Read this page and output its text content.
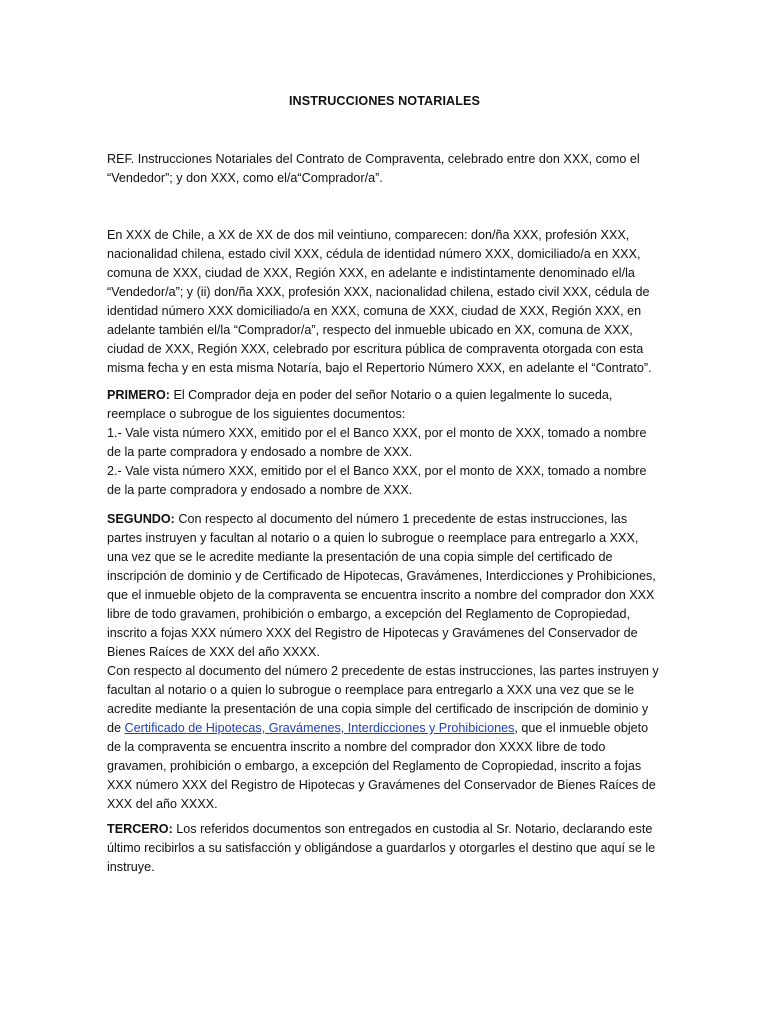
INSTRUCCIONES NOTARIALES

REF. Instrucciones Notariales del Contrato de Compraventa, celebrado entre don XXX, como el “Vendedor”; y don XXX, como el/a“Comprador/a”.

En XXX de Chile, a XX de XX de dos mil veintiuno, comparecen: don/ña XXX, profesión XXX, nacionalidad chilena, estado civil XXX, cédula de identidad número XXX, domiciliado/a en XXX, comuna de XXX, ciudad de XXX, Región XXX, en adelante e indistintamente denominado el/la “Vendedor/a”; y (ii) don/ña XXX, profesión XXX, nacionalidad chilena, estado civil XXX, cédula de identidad número XXX domiciliado/a en XXX, comuna de XXX, ciudad de XXX, Región XXX, en adelante también el/la “Comprador/a”, respecto del inmueble ubicado en XX, comuna de XXX, ciudad de XXX, Región XXX, celebrado por escritura pública de compraventa otorgada con esta misma fecha y en esta misma Notaría, bajo el Repertorio Número XXX, en adelante el “Contrato”.

PRIMERO: El Comprador deja en poder del señor Notario o a quien legalmente lo suceda, reemplace o subrogue de los siguientes documentos:
1.- Vale vista número XXX, emitido por el el Banco XXX, por el monto de XXX, tomado a nombre de la parte compradora y endosado a nombre de XXX.
2.- Vale vista número XXX, emitido por el el Banco XXX, por el monto de XXX, tomado a nombre de la parte compradora y endosado a nombre de XXX.
SEGUNDO: Con respecto al documento del número 1 precedente de estas instrucciones, las partes instruyen y facultan al notario o a quien lo subrogue o reemplace para entregarlo a XXX, una vez que se le acredite mediante la presentación de una copia simple del certificado de inscripción de dominio y de Certificado de Hipotecas, Gravámenes, Interdicciones y Prohibiciones, que el inmueble objeto de la compraventa se encuentra inscrito a nombre del comprador don XXX libre de todo gravamen, prohibición o embargo, a excepción del Reglamento de Copropiedad, inscrito a fojas XXX número XXX del Registro de Hipotecas y Gravámenes del Conservador de Bienes Raíces de XXX del año XXXX.
Con respecto al documento del número 2 precedente de estas instrucciones, las partes instruyen y facultan al notario o a quien lo subrogue o reemplace para entregarlo a XXX una vez que se le acredite mediante la presentación de una copia simple del certificado de inscripción de dominio y de Certificado de Hipotecas, Gravámenes, Interdicciones y Prohibiciones, que el inmueble objeto de la compraventa se encuentra inscrito a nombre del comprador don XXXX libre de todo gravamen, prohibición o embargo, a excepción del Reglamento de Copropiedad, inscrito a fojas XXX número XXX del Registro de Hipotecas y Gravámenes del Conservador de Bienes Raíces de XXX del año XXXX.

TERCERO: Los referidos documentos son entregados en custodia al Sr. Notario, declarando este último recibirlos a su satisfacción y obligándose a guardarlos y otorgarles el destino que aquí se le instruye.
